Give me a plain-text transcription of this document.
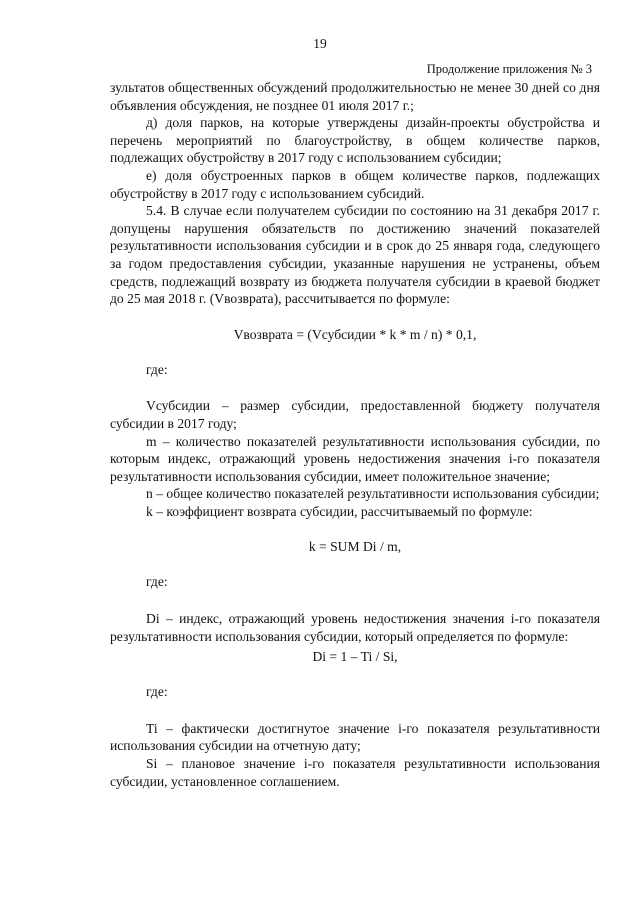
19
Продолжение приложения № 3

зультатов общественных обсуждений продолжительностью не менее 30 дней со дня объявления обсуждения, не позднее 01 июля 2017 г.;

д) доля парков, на которые утверждены дизайн-проекты обустройства и перечень мероприятий по благоустройству, в общем количестве парков, подлежащих обустройству в 2017 году с использованием субсидии;

е) доля обустроенных парков в общем количестве парков, подлежащих обустройству в 2017 году с использованием субсидий.

5.4. В случае если получателем субсидии по состоянию на 31 декабря 2017 г. допущены нарушения обязательств по достижению значений показателей результативности использования субсидии и в срок до 25 января года, следующего за годом предоставления субсидии, указанные нарушения не устранены, объем средств, подлежащий возврату из бюджета получателя субсидии в краевой бюджет до 25 мая 2018 г. (Vвозврата), рассчитывается по формуле:

Vвозврата = (Vсубсидии * k * m / n) * 0,1,

где:

Vсубсидии – размер субсидии, предоставленной бюджету получателя субсидии в 2017 году;

m – количество показателей результативности использования субсидии, по которым индекс, отражающий уровень недостижения значения i-го показателя результативности использования субсидии, имеет положительное значение;

n – общее количество показателей результативности использования субсидии;

k – коэффициент возврата субсидии, рассчитываемый по формуле:

k = SUM Di / m,

где:

Di – индекс, отражающий уровень недостижения значения i-го показателя результативности использования субсидии, который определяется по формуле:

Di = 1 – Ti / Si,

где:

Ti – фактически достигнутое значение i-го показателя результативности использования субсидии на отчетную дату;

Si – плановое значение i-го показателя результативности использования субсидии, установленное соглашением.
